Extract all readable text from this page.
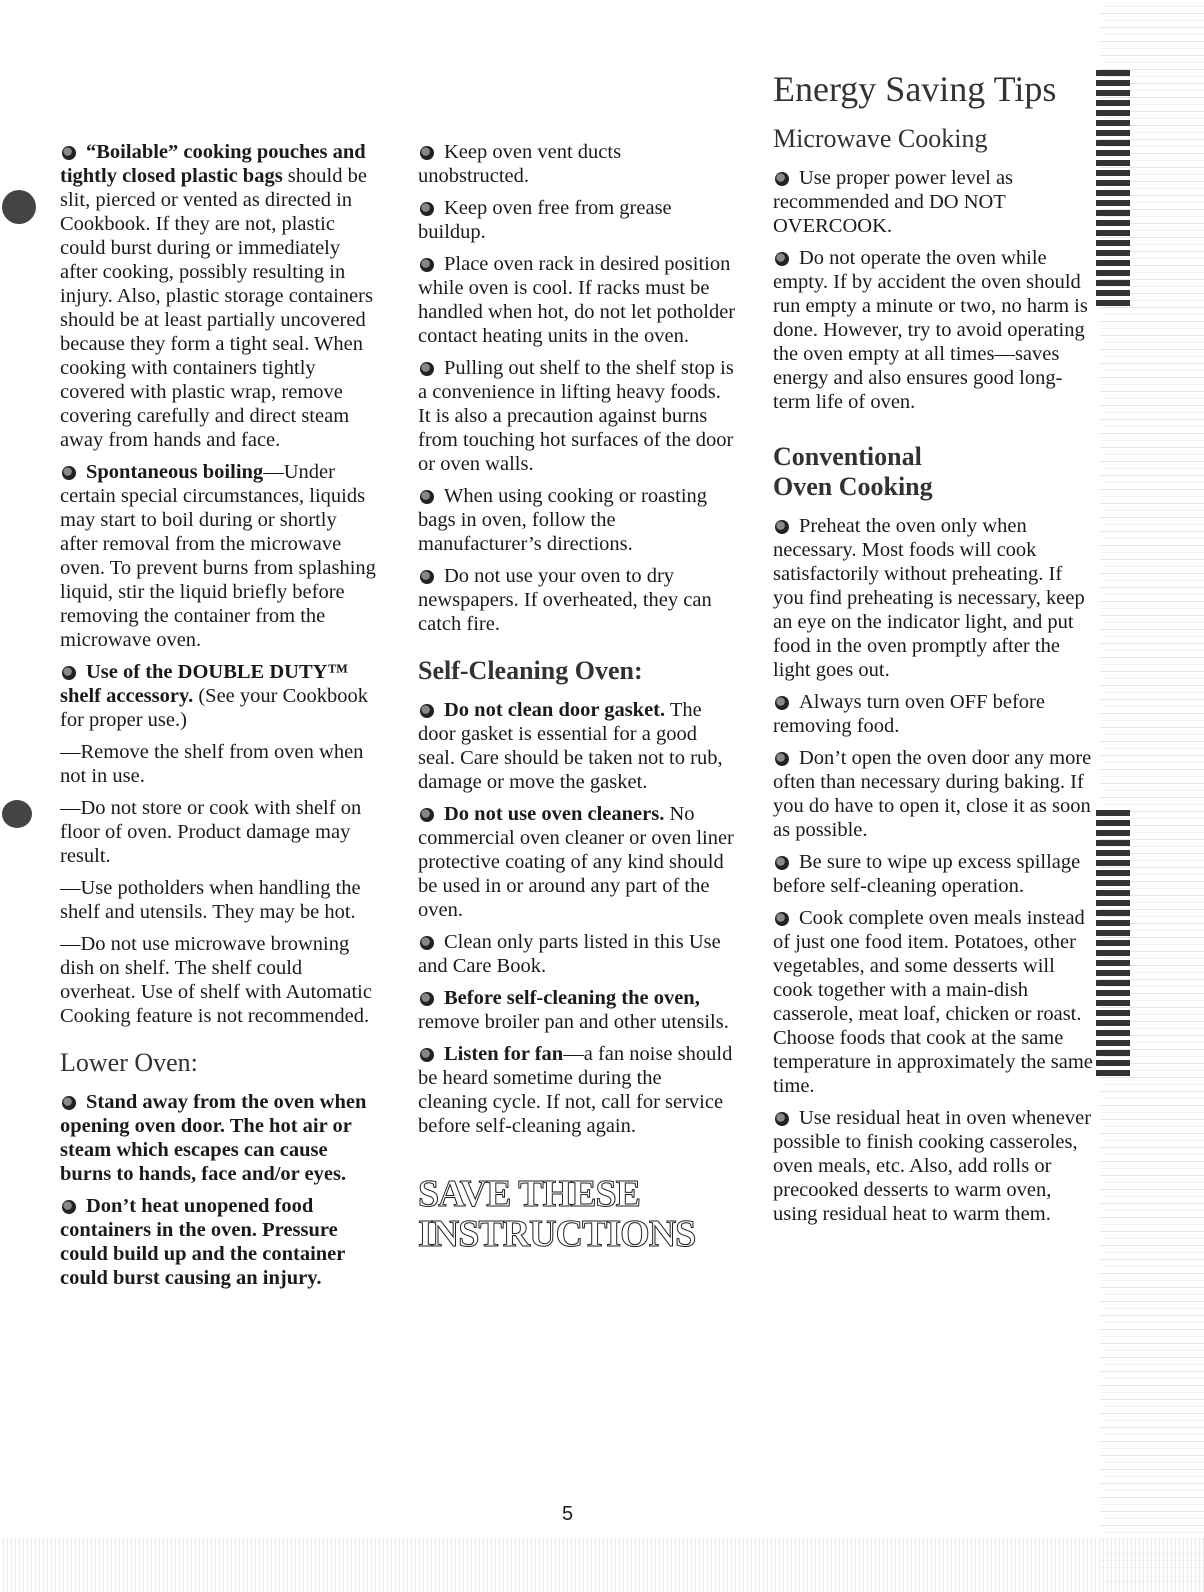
“Boilable” cooking pouches and tightly closed plastic bags should be slit, pierced or vented as directed in Cookbook. If they are not, plastic could burst during or immediately after cooking, possibly resulting in injury. Also, plastic storage containers should be at least partially uncovered because they form a tight seal. When cooking with containers tightly covered with plastic wrap, remove covering carefully and direct steam away from hands and face.

Spontaneous boiling—Under certain special circumstances, liquids may start to boil during or shortly after removal from the microwave oven. To prevent burns from splashing liquid, stir the liquid briefly before removing the container from the microwave oven.

Use of the DOUBLE DUTY™ shelf accessory. (See your Cookbook for proper use.)

—Remove the shelf from oven when not in use.

—Do not store or cook with shelf on floor of oven. Product damage may result.

—Use potholders when handling the shelf and utensils. They may be hot.

—Do not use microwave browning dish on shelf. The shelf could overheat. Use of shelf with Automatic Cooking feature is not recommended.

Lower Oven:

Stand away from the oven when opening oven door. The hot air or steam which escapes can cause burns to hands, face and/or eyes.

Don’t heat unopened food containers in the oven. Pressure could build up and the container could burst causing an injury.

Keep oven vent ducts unobstructed.

Keep oven free from grease buildup.

Place oven rack in desired position while oven is cool. If racks must be handled when hot, do not let potholder contact heating units in the oven.

Pulling out shelf to the shelf stop is a convenience in lifting heavy foods. It is also a precaution against burns from touching hot surfaces of the door or oven walls.

When using cooking or roasting bags in oven, follow the manufacturer’s directions.

Do not use your oven to dry newspapers. If overheated, they can catch fire.

Self-Cleaning Oven:

Do not clean door gasket. The door gasket is essential for a good seal. Care should be taken not to rub, damage or move the gasket.

Do not use oven cleaners. No commercial oven cleaner or oven liner protective coating of any kind should be used in or around any part of the oven.

Clean only parts listed in this Use and Care Book.

Before self-cleaning the oven, remove broiler pan and other utensils.

Listen for fan—a fan noise should be heard sometime during the cleaning cycle. If not, call for service before self-cleaning again.

SAVE THESE
INSTRUCTIONS
Energy Saving Tips
Microwave Cooking

Use proper power level as recommended and DO NOT OVERCOOK.

Do not operate the oven while empty. If by accident the oven should run empty a minute or two, no harm is done. However, try to avoid operating the oven empty at all times—saves energy and also ensures good long-term life of oven.

Conventional
Oven Cooking

Preheat the oven only when necessary. Most foods will cook satisfactorily without preheating. If you find preheating is necessary, keep an eye on the indicator light, and put food in the oven promptly after the light goes out.

Always turn oven OFF before removing food.

Don’t open the oven door any more often than necessary during baking. If you do have to open it, close it as soon as possible.

Be sure to wipe up excess spillage before self-cleaning operation.

Cook complete oven meals instead of just one food item. Potatoes, other vegetables, and some desserts will cook together with a main-dish casserole, meat loaf, chicken or roast. Choose foods that cook at the same temperature in approximately the same time.

Use residual heat in oven whenever possible to finish cooking casseroles, oven meals, etc. Also, add rolls or precooked desserts to warm oven, using residual heat to warm them.

5
